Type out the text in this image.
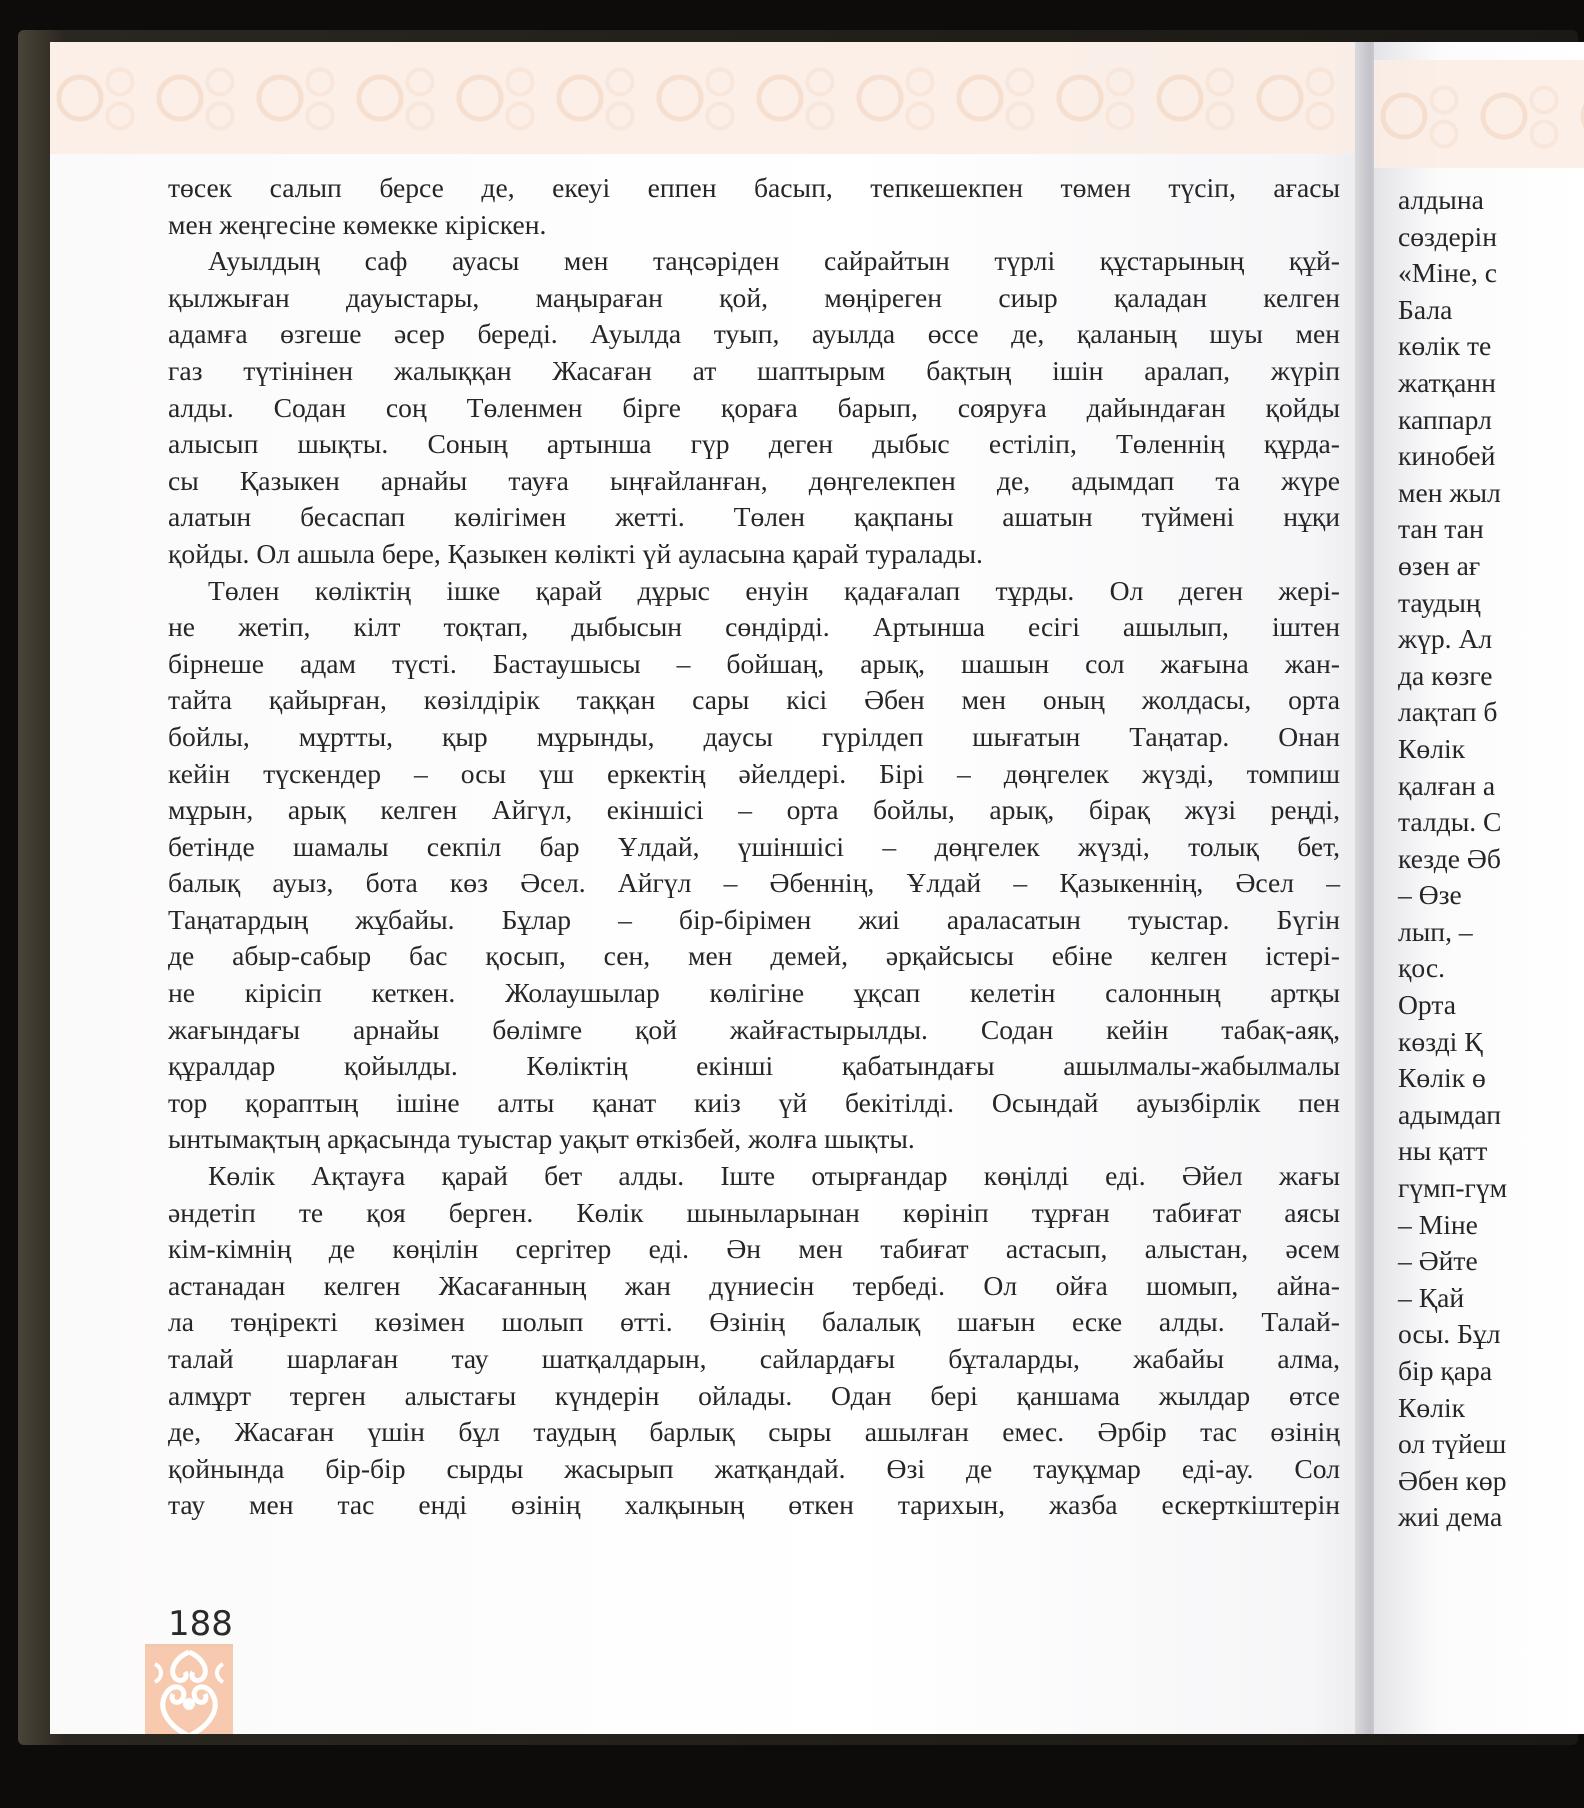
төсек салып берсе де, екеуі еппен басып, тепкешекпен төмен түсіп, ағасы
мен жеңгесіне көмекке кіріскен.
Ауылдың саф ауасы мен таңсәріден сайрайтын түрлі құстарының құй-
қылжыған дауыстары, маңыраған қой, мөңіреген сиыр қаладан келген
адамға өзгеше әсер береді. Ауылда туып, ауылда өссе де, қаланың шуы мен
газ түтінінен жалыққан Жасаған ат шаптырым бақтың ішін аралап, жүріп
алды. Содан соң Төленмен бірге қораға барып, сояруға дайындаған қойды
алысып шықты. Соның артынша гүр деген дыбыс естіліп, Төленнің құрда-
сы Қазыкен арнайы тауға ыңғайланған, дөңгелекпен де, адымдап та жүре
алатын бесаспап көлігімен жетті. Төлен қақпаны ашатын түймені нұқи
қойды. Ол ашыла бере, Қазыкен көлікті үй ауласына қарай туралады.
Төлен көліктің ішке қарай дұрыс енуін қадағалап тұрды. Ол деген жері-
не жетіп, кілт тоқтап, дыбысын сөндірді. Артынша есігі ашылып, іштен
бірнеше адам түсті. Бастаушысы – бойшаң, арық, шашын сол жағына жан-
тайта қайырған, көзілдірік таққан сары кісі Әбен мен оның жолдасы, орта
бойлы, мұртты, қыр мұрынды, даусы гүрілдеп шығатын Таңатар. Онан
кейін түскендер – осы үш еркектің әйелдері. Бірі – дөңгелек жүзді, томпиш
мұрын, арық келген Айгүл, екіншісі – орта бойлы, арық, бірақ жүзі реңді,
бетінде шамалы секпіл бар Ұлдай, үшіншісі – дөңгелек жүзді, толық бет,
балық ауыз, бота көз Әсел. Айгүл – Әбеннің, Ұлдай – Қазыкеннің, Әсел –
Таңатардың жұбайы. Бұлар – бір-бірімен жиі араласатын туыстар. Бүгін
де абыр-сабыр бас қосып, сен, мен демей, әрқайсысы ебіне келген істері-
не кірісіп кеткен. Жолаушылар көлігіне ұқсап келетін салонның артқы
жағындағы арнайы бөлімге қой жайғастырылды. Содан кейін табақ-аяқ,
құралдар қойылды. Көліктің екінші қабатындағы ашылмалы-жабылмалы
тор қораптың ішіне алты қанат киіз үй бекітілді. Осындай ауызбірлік пен
ынтымақтың арқасында туыстар уақыт өткізбей, жолға шықты.
Көлік Ақтауға қарай бет алды. Іште отырғандар көңілді еді. Әйел жағы
әндетіп те қоя берген. Көлік шыныларынан көрініп тұрған табиғат аясы
кім-кімнің де көңілін сергітер еді. Ән мен табиғат астасып, алыстан, әсем
астанадан келген Жасағанның жан дүниесін тербеді. Ол ойға шомып, айна-
ла төңіректі көзімен шолып өтті. Өзінің балалық шағын еске алды. Талай-
талай шарлаған тау шатқалдарын, сайлардағы бұталарды, жабайы алма,
алмұрт терген алыстағы күндерін ойлады. Одан бері қаншама жылдар өтсе
де, Жасаған үшін бұл таудың барлық сыры ашылған емес. Әрбір тас өзінің
қойнында бір-бір сырды жасырып жатқандай. Өзі де тауқұмар еді-ау. Сол
тау мен тас енді өзінің халқының өткен тарихын, жазба ескерткіштерін
188
алдына
сөздерін
«Міне, с
Бала
көлік те
жатқанн
каппарл
кинобей
мен жыл
тан тан
өзен ағ
таудың
жүр. Ал
да көзге
лақтап б
Көлік
қалған а
талды. С
кезде Әб
– Өзе
лып, –
қос.
Орта
көзді Қ
Көлік ө
адымдап
ны қатт
гүмп-гүм
– Міне
– Әйте
– Қай
осы. Бұл
бір қара
Көлік
ол түйеш
Әбен көр
жиі дема
